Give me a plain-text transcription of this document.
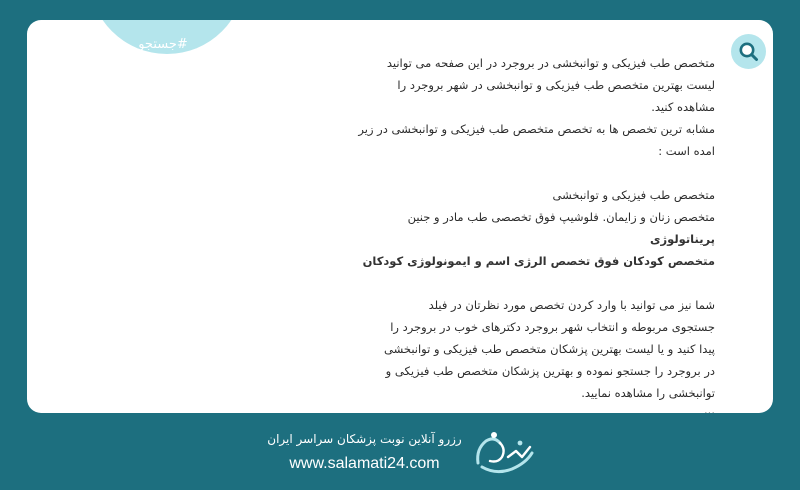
#جستجو
متخصص طب فیزیکی و توانبخشی در بروجرد در این صفحه می توانید
لیست بهترین متخصص طب فیزیکی و توانبخشی در شهر بروجرد را
مشاهده کنید.
مشابه ترین تخصص ها به تخصص متخصص طب فیزیکی و توانبخشی در زیر
امده است :
متخصص طب فیزیکی و توانبخشی
متخصص زنان و زایمان. فلوشیپ فوق تخصصی طب مادر و جنین
پریناتولوژی
متخصص کودکان فوق تخصص الرژی اسم و ایمونولوژی کودکان
شما نیز می توانید با وارد کردن تخصص مورد نظرتان در فیلد
جستجوی مربوطه و انتخاب شهر بروجرد دکترهای خوب در بروجرد را
پیدا کنید و یا لیست بهترین پزشکان متخصص طب فیزیکی و توانبخشی
در بروجرد را جستجو نموده و بهترین پزشکان متخصص طب فیزیکی و
توانبخشی را مشاهده نمایید.
...
رزرو آنلاین نوبت پزشکان سراسر ایران
www.salamati24.com
